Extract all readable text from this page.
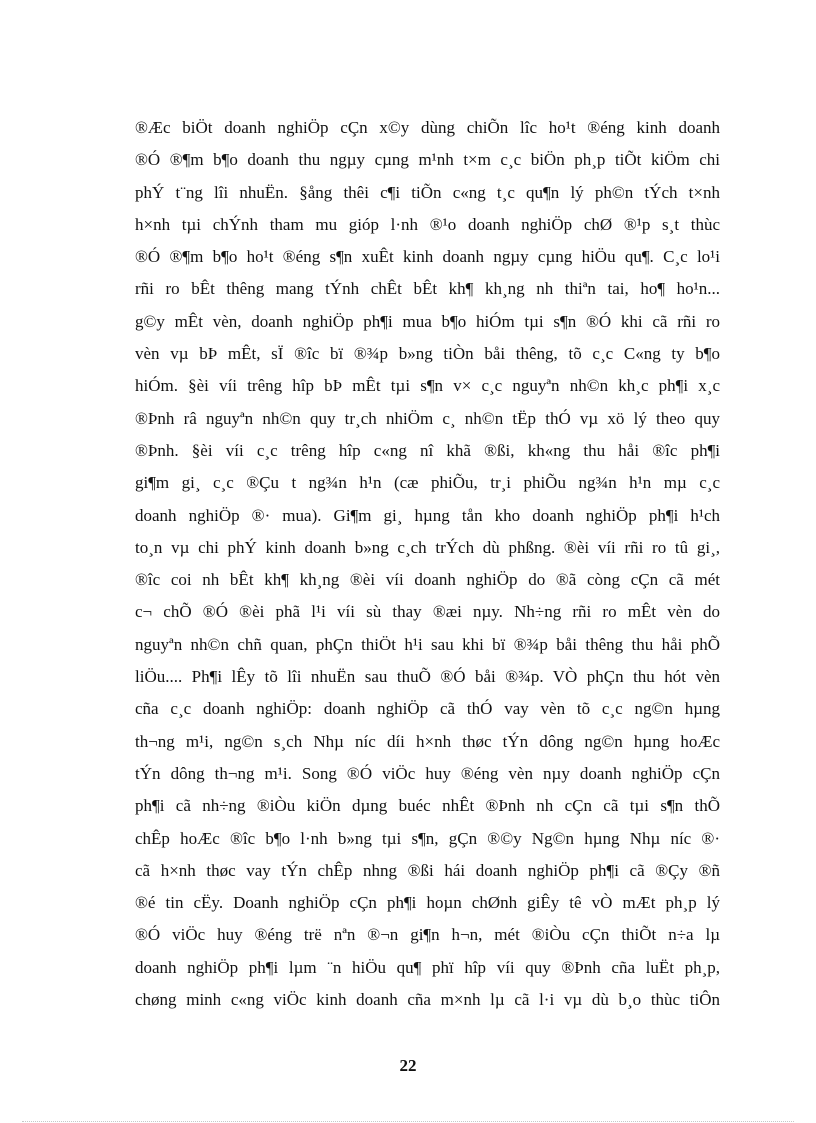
®Æc biÖt doanh nghiÖp cÇn x©y dùng chiÕn lîc ho¹t ®éng kinh doanh
®Ó ®¶m b¶o doanh thu ngµy cµng m¹nh t×m c¸c biÖn ph¸p tiÕt kiÖm chi
phÝ t¨ng lîi nhuËn. §ång thêi c¶i tiÕn c«ng t¸c qu¶n lý ph©n tÝch t×nh
h×nh tµi chÝnh tham mu gióp l·nh ®¹o doanh nghiÖp chØ ®¹p s¸t thùc
®Ó ®¶m b¶o ho¹t ®éng s¶n xuÊt kinh doanh ngµy cµng hiÖu qu¶. C¸c lo¹i
rñi ro bÊt thêng mang tÝnh chÊt bÊt kh¶ kh¸ng nh thiªn tai, ho¶ ho¹n...
g©y mÊt vèn, doanh nghiÖp ph¶i mua b¶o hiÓm tµi s¶n ®Ó khi cã rñi ro
vèn vµ bÞ mÊt, sÏ ®îc bï ®¾p b»ng tiÒn båi thêng, tõ c¸c C«ng ty b¶o
hiÓm. §èi víi trêng hîp bÞ mÊt tµi s¶n v× c¸c nguyªn nh©n kh¸c ph¶i x¸c
®Þnh râ nguyªn nh©n quy tr¸ch nhiÖm c¸ nh©n tËp thÓ vµ xö lý theo quy
®Þnh. §èi víi c¸c trêng hîp c«ng nî khã ®ßi, kh«ng thu håi ®îc ph¶i
gi¶m gi¸ c¸c ®Çu t ng¾n h¹n (cæ phiÕu, tr¸i phiÕu ng¾n h¹n mµ c¸c
doanh nghiÖp ®· mua). Gi¶m gi¸ hµng tån kho doanh nghiÖp ph¶i h¹ch
to¸n vµ chi phÝ kinh doanh b»ng c¸ch trÝch dù phßng. ®èi víi rñi ro tû gi¸,
®îc coi nh bÊt kh¶ kh¸ng ®èi víi doanh nghiÖp do ®ã còng cÇn cã mét
c¬ chÕ ®Ó ®èi phã l¹i víi sù thay ®æi nµy. Nh÷ng rñi ro mÊt vèn do
nguyªn nh©n chñ quan, phÇn thiÖt h¹i sau khi bï ®¾p båi thêng thu håi phÕ
liÖu.... Ph¶i lÊy tõ lîi nhuËn sau thuÕ ®Ó båi ®¾p. VÒ phÇn thu hót vèn
cña c¸c doanh nghiÖp: doanh nghiÖp cã thÓ vay vèn tõ c¸c ng©n hµng
th¬ng m¹i, ng©n s¸ch Nhµ níc díi h×nh thøc tÝn dông ng©n hµng hoÆc
tÝn dông th¬ng m¹i. Song ®Ó viÖc huy ®éng vèn nµy doanh nghiÖp cÇn
ph¶i cã nh÷ng ®iÒu kiÖn dµng buéc nhÊt ®Þnh nh cÇn cã tµi s¶n thÕ
chÊp hoÆc ®îc b¶o l·nh b»ng tµi s¶n, gÇn ®©y Ng©n hµng Nhµ níc ®·
cã h×nh thøc vay tÝn chÊp nhng ®ßi hái doanh nghiÖp ph¶i cã ®Çy ®ñ
®é tin cËy. Doanh nghiÖp cÇn ph¶i hoµn chØnh giÊy tê vÒ mÆt ph¸p lý
®Ó viÖc huy ®éng trë nªn ®¬n gi¶n h¬n, mét ®iÒu cÇn thiÕt n÷a lµ
doanh nghiÖp ph¶i lµm ¨n hiÖu qu¶ phï hîp víi quy ®Þnh cña luËt ph¸p,
chøng minh c«ng viÖc kinh doanh cña m×nh lµ cã l·i vµ dù b¸o thùc tiÔn
22
